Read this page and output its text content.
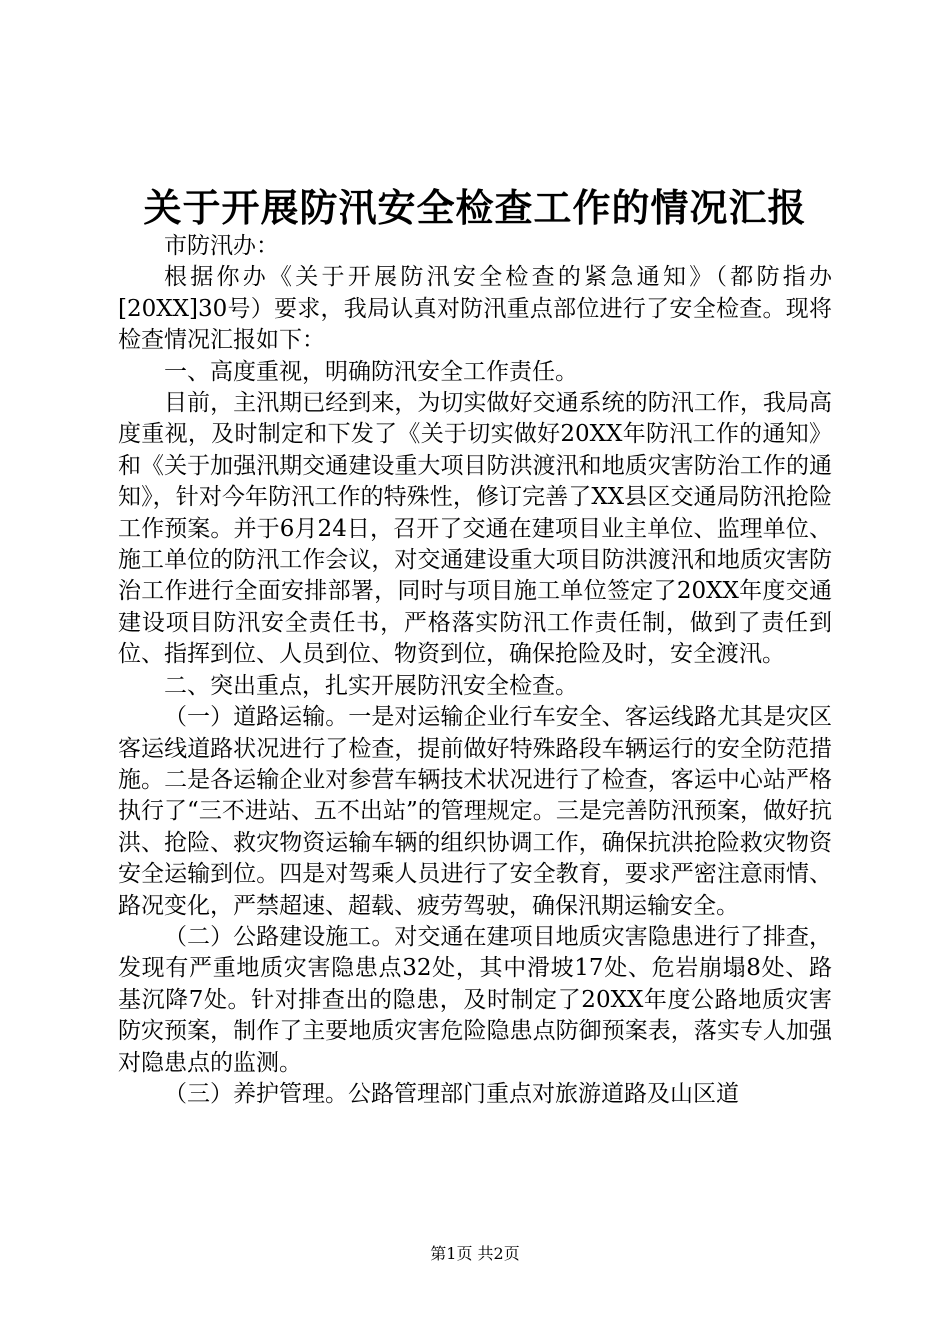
关于开展防汛安全检查工作的情况汇报

市防汛办：

根据你办《关于开展防汛安全检查的紧急通知》（都防指办[20XX]30号）要求，我局认真对防汛重点部位进行了安全检查。现将检查情况汇报如下：

一、高度重视，明确防汛安全工作责任。

目前，主汛期已经到来，为切实做好交通系统的防汛工作，我局高度重视，及时制定和下发了《关于切实做好20XX年防汛工作的通知》和《关于加强汛期交通建设重大项目防洪渡汛和地质灾害防治工作的通知》，针对今年防汛工作的特殊性，修订完善了XX县区交通局防汛抢险工作预案。并于6月24日，召开了交通在建项目业主单位、监理单位、施工单位的防汛工作会议，对交通建设重大项目防洪渡汛和地质灾害防治工作进行全面安排部署，同时与项目施工单位签定了20XX年度交通建设项目防汛安全责任书，严格落实防汛工作责任制，做到了责任到位、指挥到位、人员到位、物资到位，确保抢险及时，安全渡汛。

二、突出重点，扎实开展防汛安全检查。

（一）道路运输。一是对运输企业行车安全、客运线路尤其是灾区客运线道路状况进行了检查，提前做好特殊路段车辆运行的安全防范措施。二是各运输企业对参营车辆技术状况进行了检查，客运中心站严格执行了“三不进站、五不出站”的管理规定。三是完善防汛预案，做好抗洪、抢险、救灾物资运输车辆的组织协调工作，确保抗洪抢险救灾物资安全运输到位。四是对驾乘人员进行了安全教育，要求严密注意雨情、路况变化，严禁超速、超载、疲劳驾驶，确保汛期运输安全。

（二）公路建设施工。对交通在建项目地质灾害隐患进行了排查，发现有严重地质灾害隐患点32处，其中滑坡17处、危岩崩塌8处、路基沉降7处。针对排查出的隐患，及时制定了20XX年度公路地质灾害防灾预案，制作了主要地质灾害危险隐患点防御预案表，落实专人加强对隐患点的监测。

（三）养护管理。公路管理部门重点对旅游道路及山区道

第1页 共2页
